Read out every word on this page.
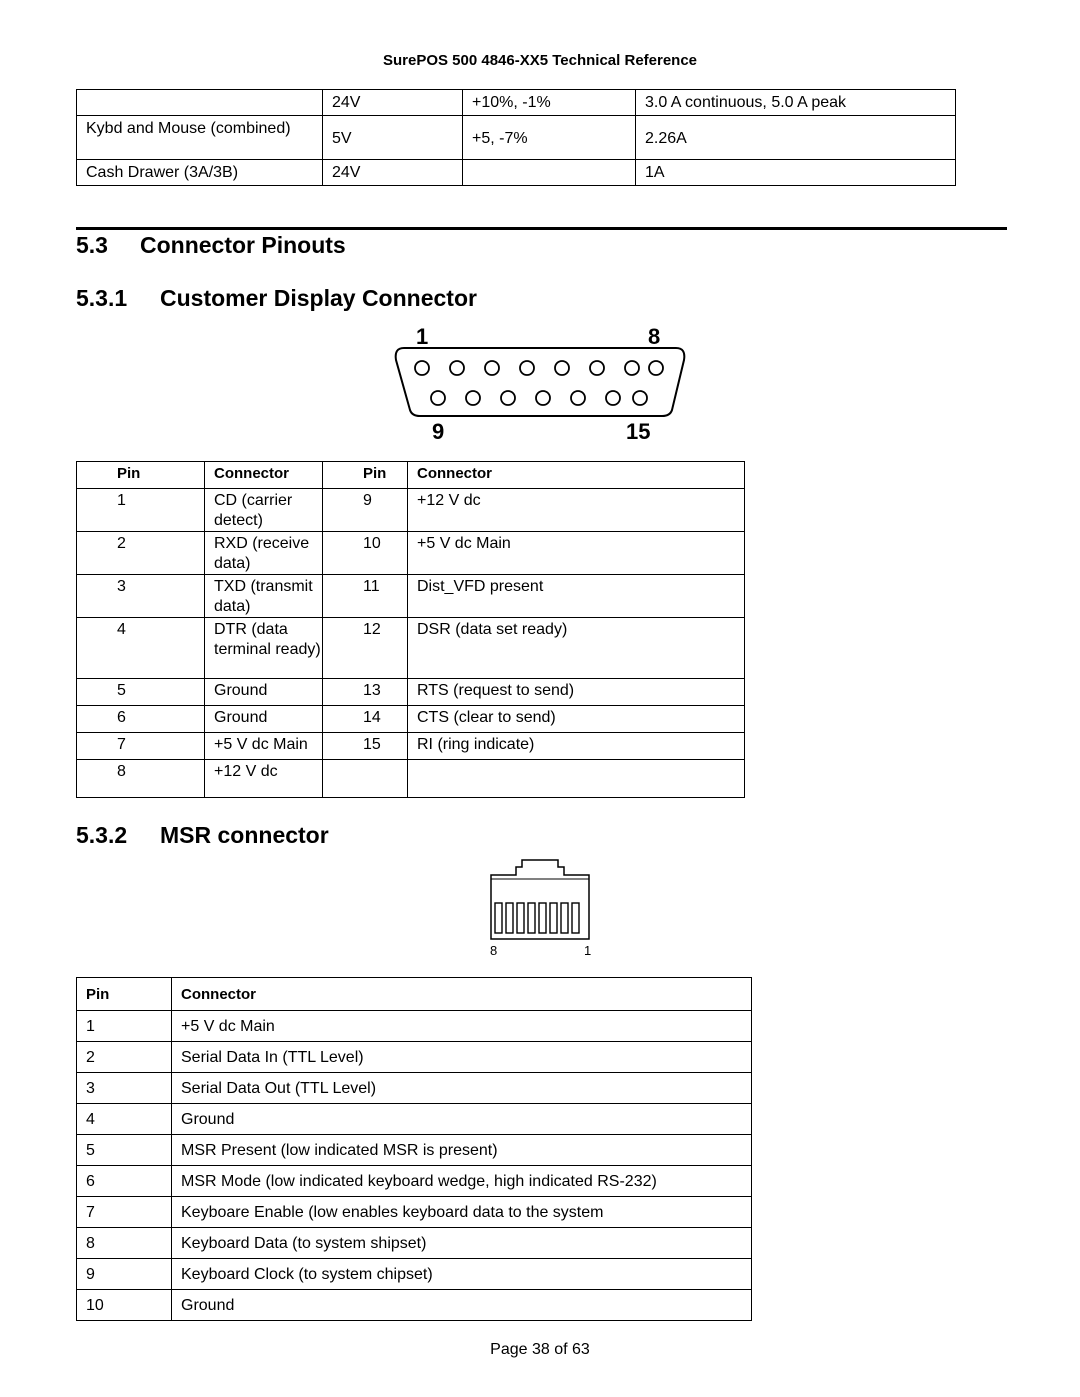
SurePOS 500 4846-XX5 Technical Reference
	24V	+10%, -1%	3.0 A continuous, 5.0 A peak
Kybd and Mouse (combined)	5V	+5, -7%	2.26A
Cash Drawer (3A/3B)	24V		1A
5.3 Connector Pinouts
5.3.1 Customer Display Connector
1	8
9	15
Pin	Connector	Pin	Connector
1	CD (carrier detect)	9	+12 V dc
2	RXD (receive data)	10	+5 V dc Main
3	TXD (transmit data)	11	Dist_VFD present
4	DTR (data terminal ready)	12	DSR (data set ready)
5	Ground	13	RTS (request to send)
6	Ground	14	CTS (clear to send)
7	+5 V dc Main	15	RI (ring indicate)
8	+12 V dc		
5.3.2 MSR connector
8	1
Pin	Connector
1	+5 V dc Main
2	Serial Data In (TTL Level)
3	Serial Data Out (TTL Level)
4	Ground
5	MSR Present (low indicated MSR is present)
6	MSR Mode (low indicated keyboard wedge, high indicated RS-232)
7	Keyboare Enable (low enables keyboard data to the system
8	Keyboard Data (to system shipset)
9	Keyboard Clock (to system chipset)
10	Ground
Page 38 of 63
